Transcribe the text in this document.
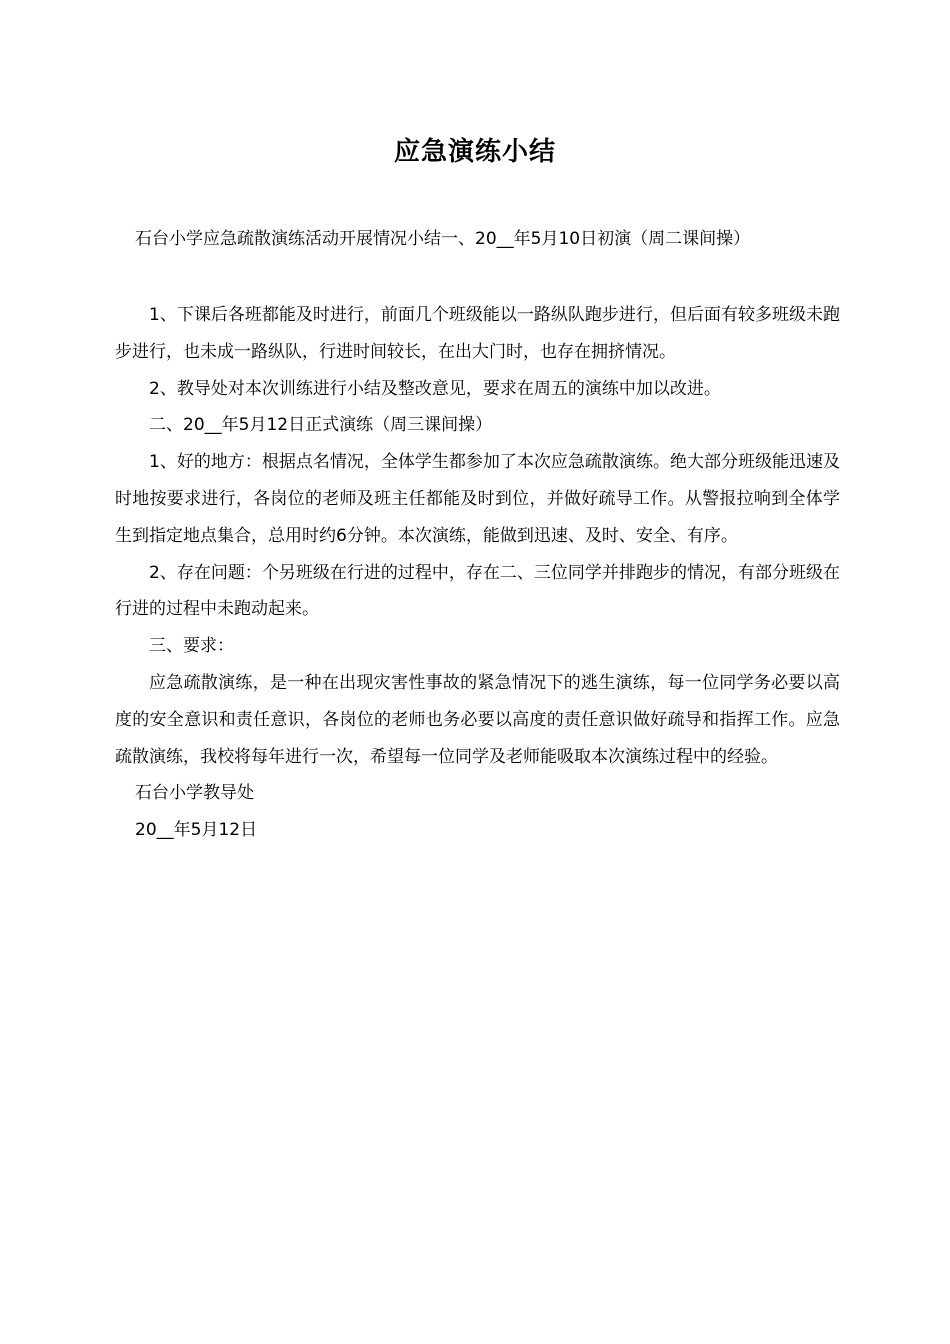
应急演练小结
石台小学应急疏散演练活动开展情况小结一、20__年5月10日初演（周二课间操）

1、下课后各班都能及时进行，前面几个班级能以一路纵队跑步进行，但后面有较多班级未跑步进行，也未成一路纵队，行进时间较长，在出大门时，也存在拥挤情况。

2、教导处对本次训练进行小结及整改意见，要求在周五的演练中加以改进。

二、20__年5月12日正式演练（周三课间操）

1、好的地方：根据点名情况，全体学生都参加了本次应急疏散演练。绝大部分班级能迅速及时地按要求进行，各岗位的老师及班主任都能及时到位，并做好疏导工作。从警报拉响到全体学生到指定地点集合，总用时约6分钟。本次演练，能做到迅速、及时、安全、有序。

2、存在问题：个另班级在行进的过程中，存在二、三位同学并排跑步的情况，有部分班级在行进的过程中未跑动起来。

三、要求：

应急疏散演练，是一种在出现灾害性事故的紧急情况下的逃生演练，每一位同学务必要以高度的安全意识和责任意识，各岗位的老师也务必要以高度的责任意识做好疏导和指挥工作。应急疏散演练，我校将每年进行一次，希望每一位同学及老师能吸取本次演练过程中的经验。

石台小学教导处

20__年5月12日
